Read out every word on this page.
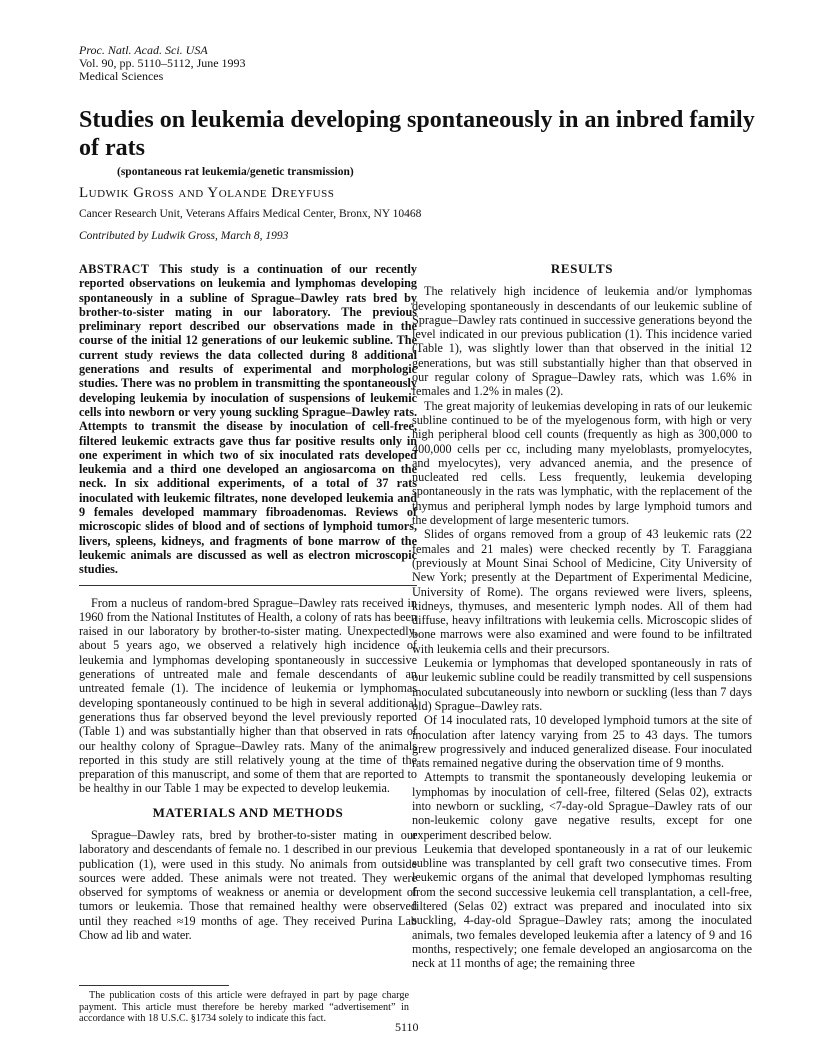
Proc. Natl. Acad. Sci. USA
Vol. 90, pp. 5110–5112, June 1993
Medical Sciences
Studies on leukemia developing spontaneously in an inbred family of rats
(spontaneous rat leukemia/genetic transmission)
Ludwik Gross and Yolande Dreyfuss
Cancer Research Unit, Veterans Affairs Medical Center, Bronx, NY 10468
Contributed by Ludwik Gross, March 8, 1993

ABSTRACT This study is a continuation of our recently reported observations on leukemia and lymphomas developing spontaneously in a subline of Sprague–Dawley rats bred by brother-to-sister mating in our laboratory. The previous preliminary report described our observations made in the course of the initial 12 generations of our leukemic subline. The current study reviews the data collected during 8 additional generations and results of experimental and morphologic studies. There was no problem in transmitting the spontaneously developing leukemia by inoculation of suspensions of leukemic cells into newborn or very young suckling Sprague–Dawley rats. Attempts to transmit the disease by inoculation of cell-free, filtered leukemic extracts gave thus far positive results only in one experiment in which two of six inoculated rats developed leukemia and a third one developed an angiosarcoma on the neck. In six additional experiments, of a total of 37 rats inoculated with leukemic filtrates, none developed leukemia and 9 females developed mammary fibroadenomas. Reviews of microscopic slides of blood and of sections of lymphoid tumors, livers, spleens, kidneys, and fragments of bone marrow of the leukemic animals are discussed as well as electron microscopic studies.

From a nucleus of random-bred Sprague–Dawley rats received in 1960 from the National Institutes of Health, a colony of rats has been raised in our laboratory by brother-to-sister mating. Unexpectedly, about 5 years ago, we observed a relatively high incidence of leukemia and lymphomas developing spontaneously in successive generations of untreated male and female descendants of an untreated female (1). The incidence of leukemia or lymphomas developing spontaneously continued to be high in several additional generations thus far observed beyond the level previously reported (Table 1) and was substantially higher than that observed in rats of our healthy colony of Sprague–Dawley rats. Many of the animals reported in this study are still relatively young at the time of the preparation of this manuscript, and some of them that are reported to be healthy in our Table 1 may be expected to develop leukemia.

MATERIALS AND METHODS

Sprague–Dawley rats, bred by brother-to-sister mating in our laboratory and descendants of female no. 1 described in our previous publication (1), were used in this study. No animals from outside sources were added. These animals were not treated. They were observed for symptoms of weakness or anemia or development of tumors or leukemia. Those that remained healthy were observed until they reached ≈19 months of age. They received Purina Lab Chow ad lib and water.

The publication costs of this article were defrayed in part by page charge payment. This article must therefore be hereby marked “advertisement” in accordance with 18 U.S.C. §1734 solely to indicate this fact.
RESULTS

The relatively high incidence of leukemia and/or lymphomas developing spontaneously in descendants of our leukemic subline of Sprague–Dawley rats continued in successive generations beyond the level indicated in our previous publication (1). This incidence varied (Table 1), was slightly lower than that observed in the initial 12 generations, but was still substantially higher than that observed in our regular colony of Sprague–Dawley rats, which was 1.6% in females and 1.2% in males (2).

The great majority of leukemias developing in rats of our leukemic subline continued to be of the myelogenous form, with high or very high peripheral blood cell counts (frequently as high as 300,000 to 400,000 cells per cc, including many myeloblasts, promyelocytes, and myelocytes), very advanced anemia, and the presence of nucleated red cells. Less frequently, leukemia developing spontaneously in the rats was lymphatic, with the replacement of the thymus and peripheral lymph nodes by large lymphoid tumors and the development of large mesenteric tumors.

Slides of organs removed from a group of 43 leukemic rats (22 females and 21 males) were checked recently by T. Faraggiana (previously at Mount Sinai School of Medicine, City University of New York; presently at the Department of Experimental Medicine, University of Rome). The organs reviewed were livers, spleens, kidneys, thymuses, and mesenteric lymph nodes. All of them had diffuse, heavy infiltrations with leukemia cells. Microscopic slides of bone marrows were also examined and were found to be infiltrated with leukemia cells and their precursors.

Leukemia or lymphomas that developed spontaneously in rats of our leukemic subline could be readily transmitted by cell suspensions inoculated subcutaneously into newborn or suckling (less than 7 days old) Sprague–Dawley rats.

Of 14 inoculated rats, 10 developed lymphoid tumors at the site of inoculation after latency varying from 25 to 43 days. The tumors grew progressively and induced generalized disease. Four inoculated rats remained negative during the observation time of 9 months.

Attempts to transmit the spontaneously developing leukemia or lymphomas by inoculation of cell-free, filtered (Selas 02), extracts into newborn or suckling, <7-day-old Sprague–Dawley rats of our non-leukemic colony gave negative results, except for one experiment described below.

Leukemia that developed spontaneously in a rat of our leukemic subline was transplanted by cell graft two consecutive times. From leukemic organs of the animal that developed lymphomas resulting from the second successive leukemia cell transplantation, a cell-free, filtered (Selas 02) extract was prepared and inoculated into six suckling, 4-day-old Sprague–Dawley rats; among the inoculated animals, two females developed leukemia after a latency of 9 and 16 months, respectively; one female developed an angiosarcoma on the neck at 11 months of age; the remaining three

5110
